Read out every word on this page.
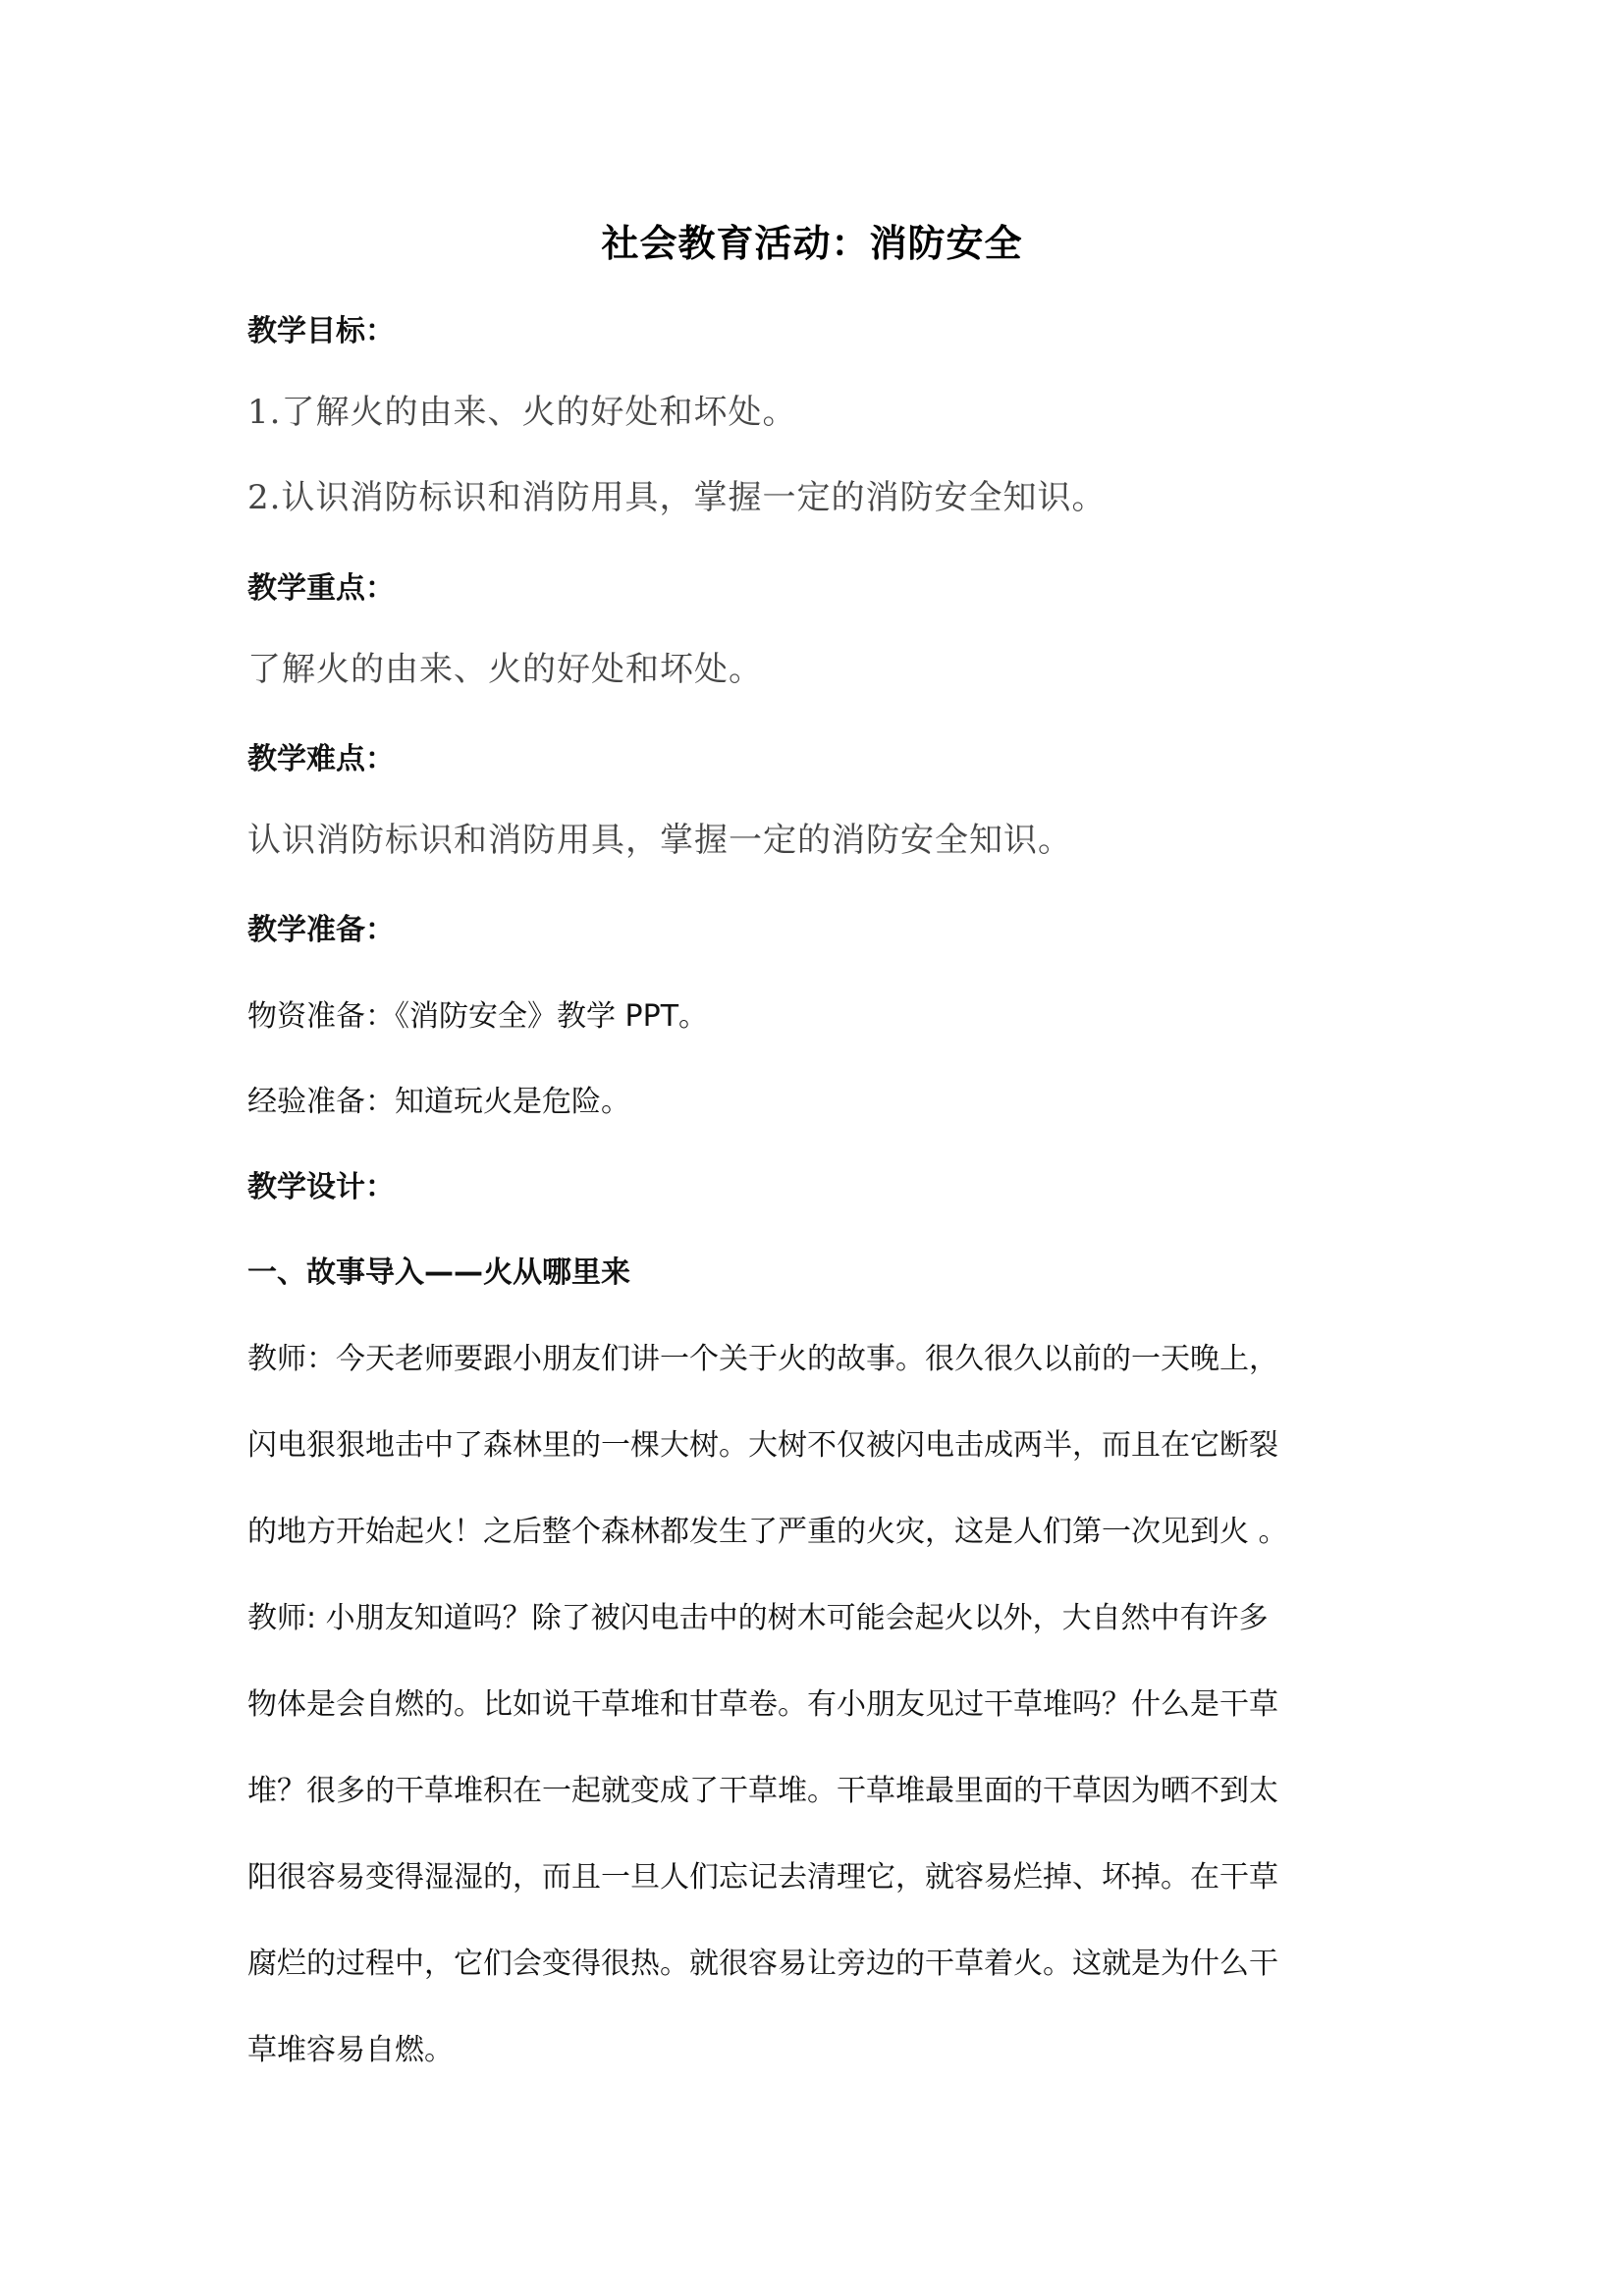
社会教育活动：消防安全
教学目标：
1.了解火的由来、火的好处和坏处。
2.认识消防标识和消防用具，掌握一定的消防安全知识。
教学重点：
了解火的由来、火的好处和坏处。
教学难点：
认识消防标识和消防用具，掌握一定的消防安全知识。
教学准备：
物资准备：《消防安全》教学 PPT。
经验准备：知道玩火是危险。
教学设计：
一、故事导入——火从哪里来
教师：今天老师要跟小朋友们讲一个关于火的故事。很久很久以前的一天晚上，
闪电狠狠地击中了森林里的一棵大树。大树不仅被闪电击成两半，而且在它断裂
的地方开始起火！之后整个森林都发生了严重的火灾，这是人们第一次见到火 。
教师: 小朋友知道吗？除了被闪电击中的树木可能会起火以外，大自然中有许多
物体是会自燃的。比如说干草堆和甘草卷。有小朋友见过干草堆吗？什么是干草
堆？很多的干草堆积在一起就变成了干草堆。干草堆最里面的干草因为晒不到太
阳很容易变得湿湿的，而且一旦人们忘记去清理它，就容易烂掉、坏掉。在干草
腐烂的过程中，它们会变得很热。就很容易让旁边的干草着火。这就是为什么干
草堆容易自燃。
